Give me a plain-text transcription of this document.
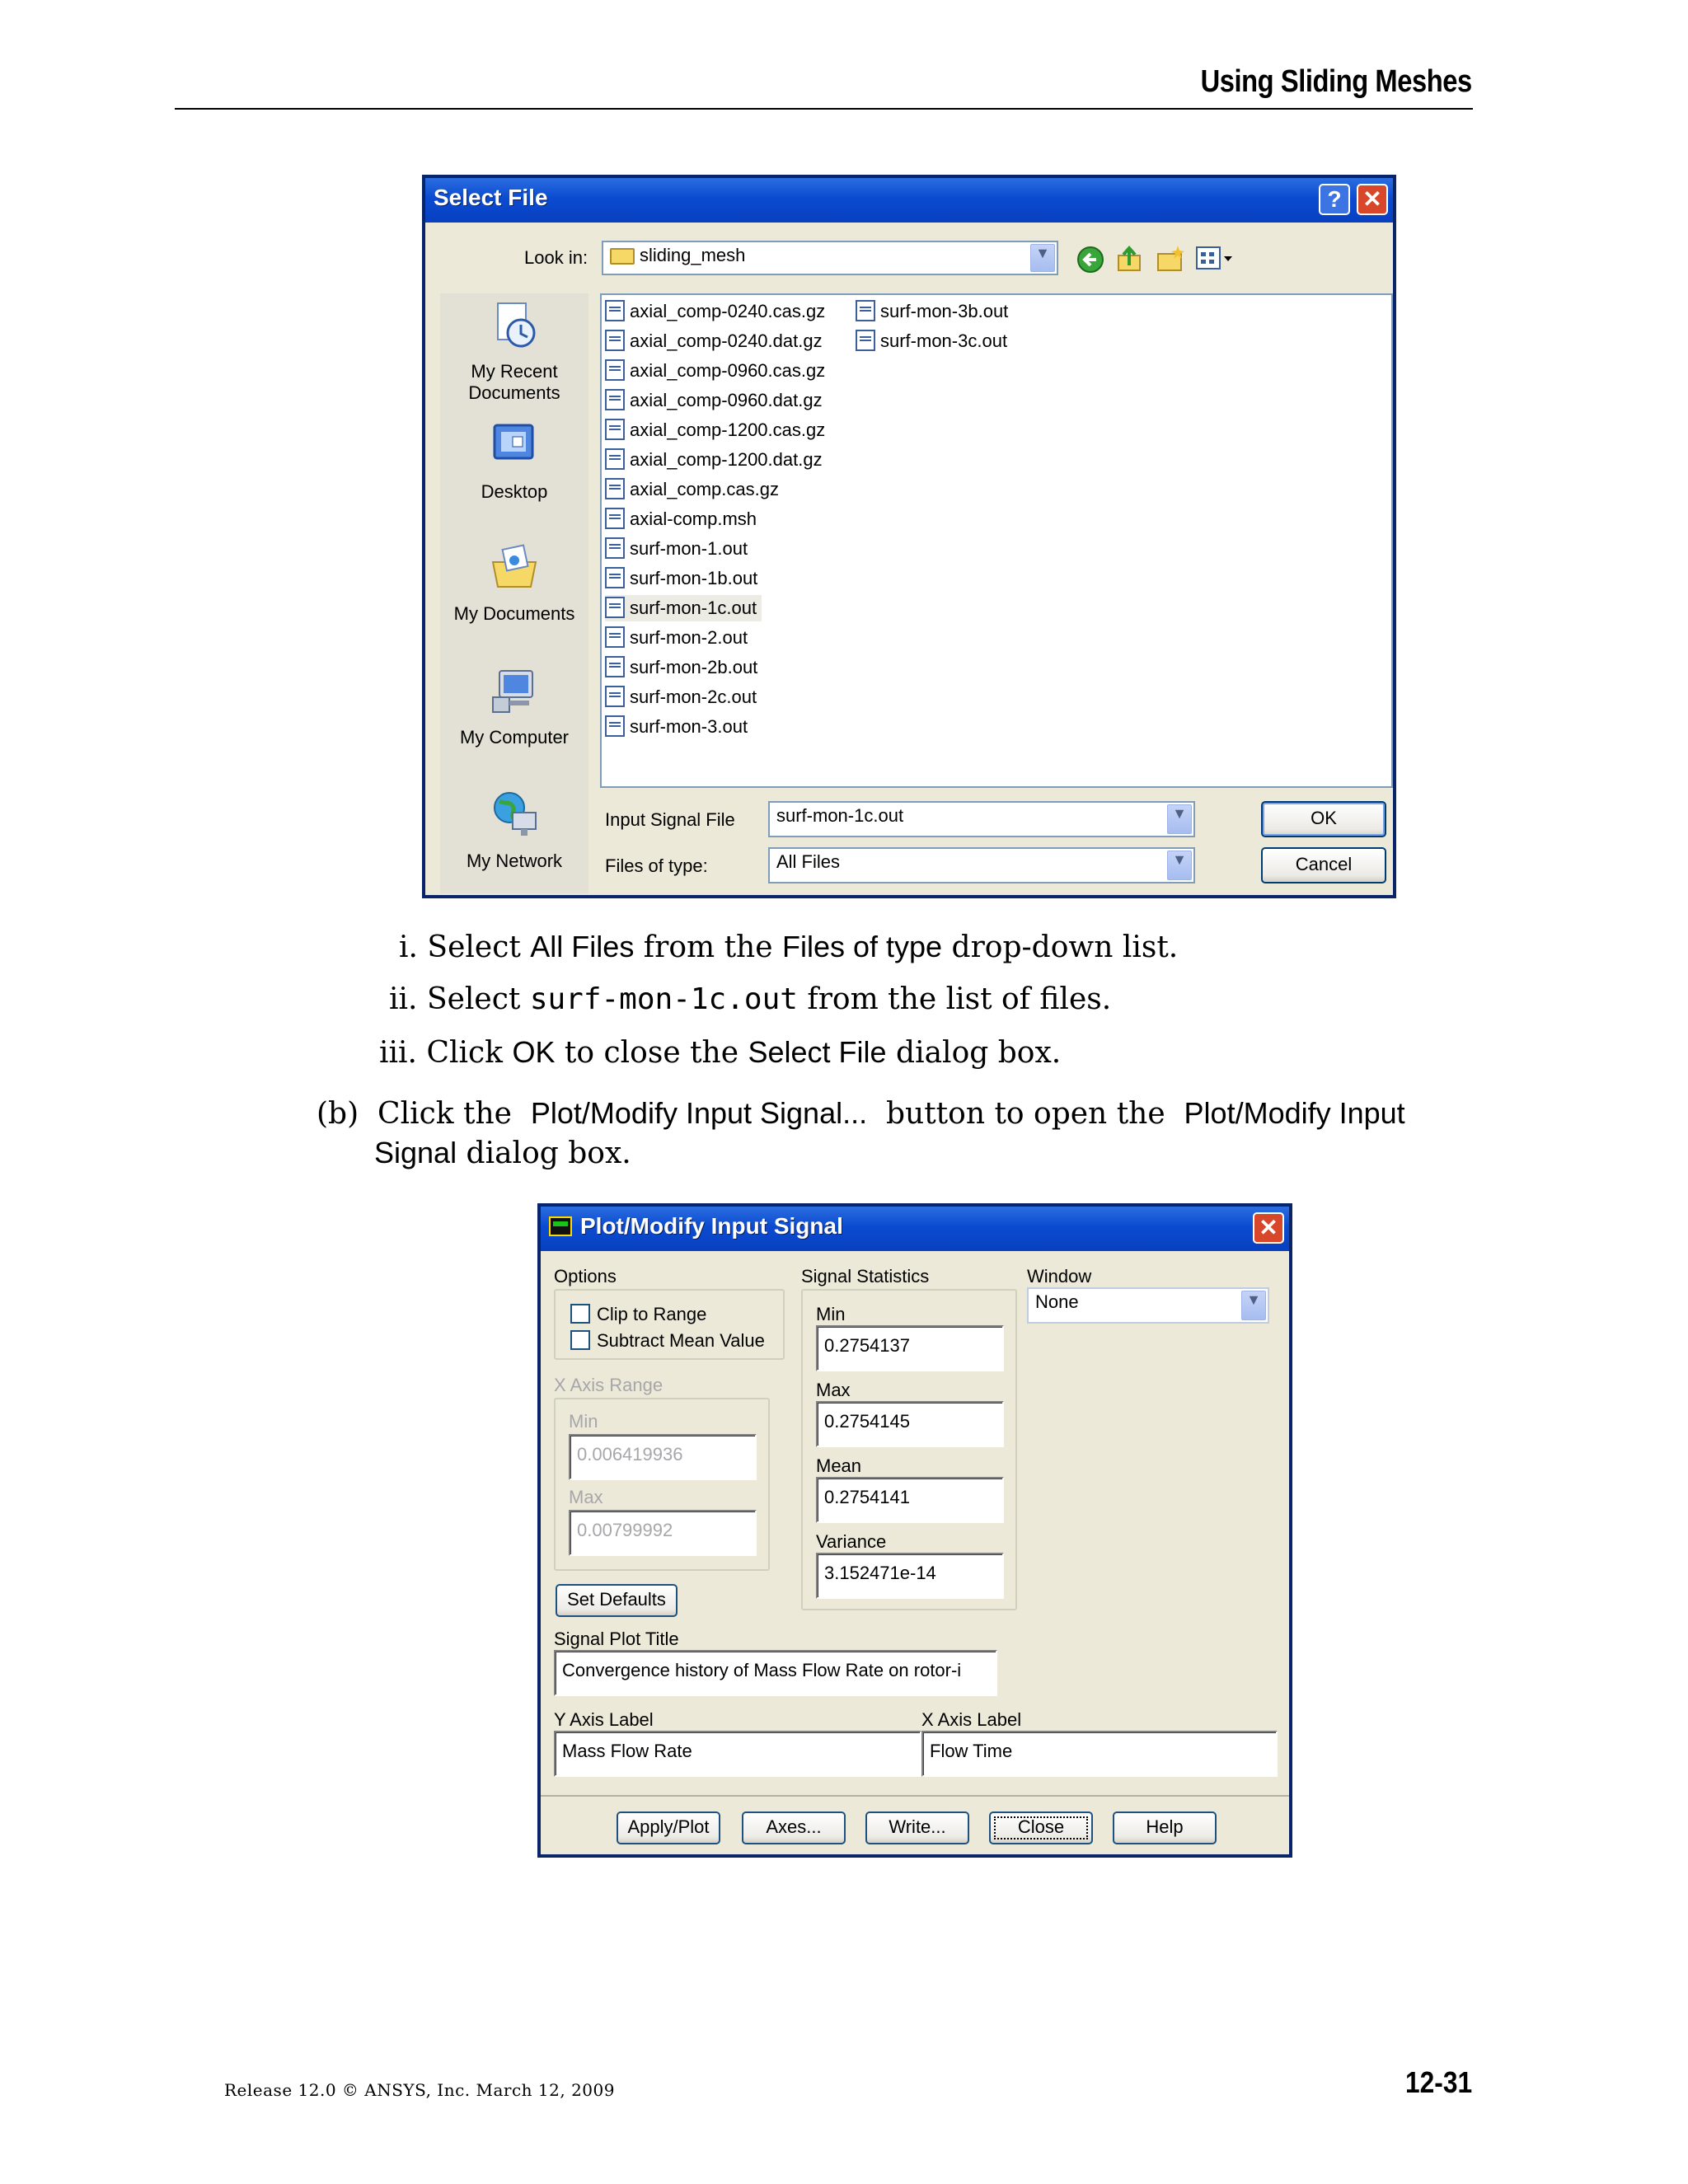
Using Sliding Meshes
Select File	? ✕
Look in:	sliding_mesh	▼
My Recent
Documents
Desktop
My Documents
My Computer
My Network
axial_comp-0240.cas.gz
axial_comp-0240.dat.gz
axial_comp-0960.cas.gz
axial_comp-0960.dat.gz
axial_comp-1200.cas.gz
axial_comp-1200.dat.gz
axial_comp.cas.gz
axial-comp.msh
surf-mon-1.out
surf-mon-1b.out
surf-mon-1c.out
surf-mon-2.out
surf-mon-2b.out
surf-mon-2c.out
surf-mon-3.out
surf-mon-3b.out
surf-mon-3c.out
Input Signal File	surf-mon-1c.out	▼
Files of type:	All Files	▼
OK
Cancel
i. Select All Files from the Files of type drop-down list.
ii. Select surf-mon-1c.out from the list of files.
iii. Click OK to close the Select File dialog box.
(b) Click the Plot/Modify Input Signal... button to open the Plot/Modify Input
Signal dialog box.
Plot/Modify Input Signal	✕
Options
Clip to Range
Subtract Mean Value
X Axis Range
Min
0.006419936
Max
0.00799992
Set Defaults
Signal Statistics
Min
0.2754137
Max
0.2754145
Mean
0.2754141
Variance
3.152471e-14
Window
None	▼
Signal Plot Title
Convergence history of Mass Flow Rate on rotor-i
Y Axis Label
Mass Flow Rate
X Axis Label
Flow Time
Apply/Plot	Axes...	Write...	Close	Help
Release 12.0 © ANSYS, Inc. March 12, 2009	12-31
